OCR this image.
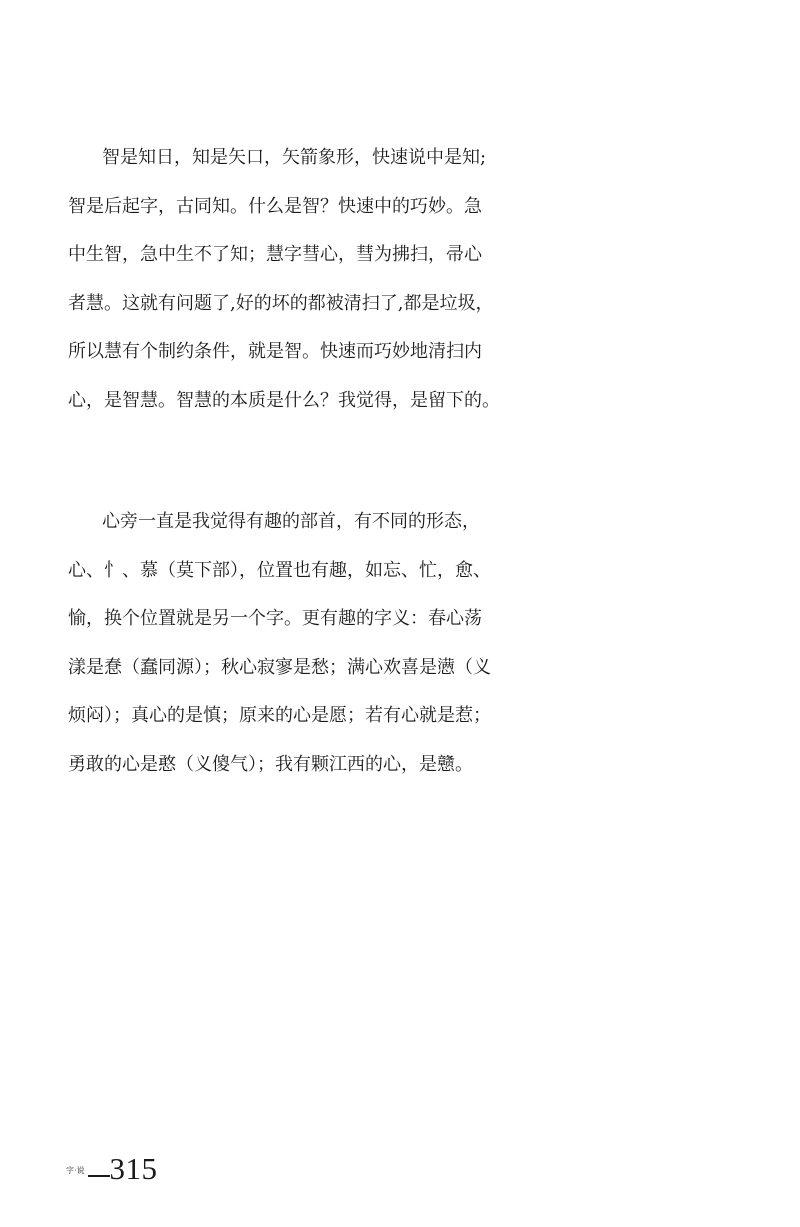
智是知日，知是矢口，矢箭象形，快速说中是知;
智是后起字，古同知。什么是智？快速中的巧妙。急
中生智，急中生不了知；慧字彗心，彗为拂扫，帚心
者慧。这就有问题了,好的坏的都被清扫了,都是垃圾，
所以慧有个制约条件，就是智。快速而巧妙地清扫内
心，是智慧。智慧的本质是什么？我觉得，是留下的。
心旁一直是我觉得有趣的部首，有不同的形态，
心、忄、慕（莫下部），位置也有趣，如忘、忙，愈、
愉，换个位置就是另一个字。更有趣的字义：春心荡
漾是惷（蠢同源）；秋心寂寥是愁；满心欢喜是懑（义
烦闷）；真心的是慎；原来的心是愿；若有心就是惹；
勇敢的心是憨（义傻气）；我有颗江西的心，是戆。
字·说 315
